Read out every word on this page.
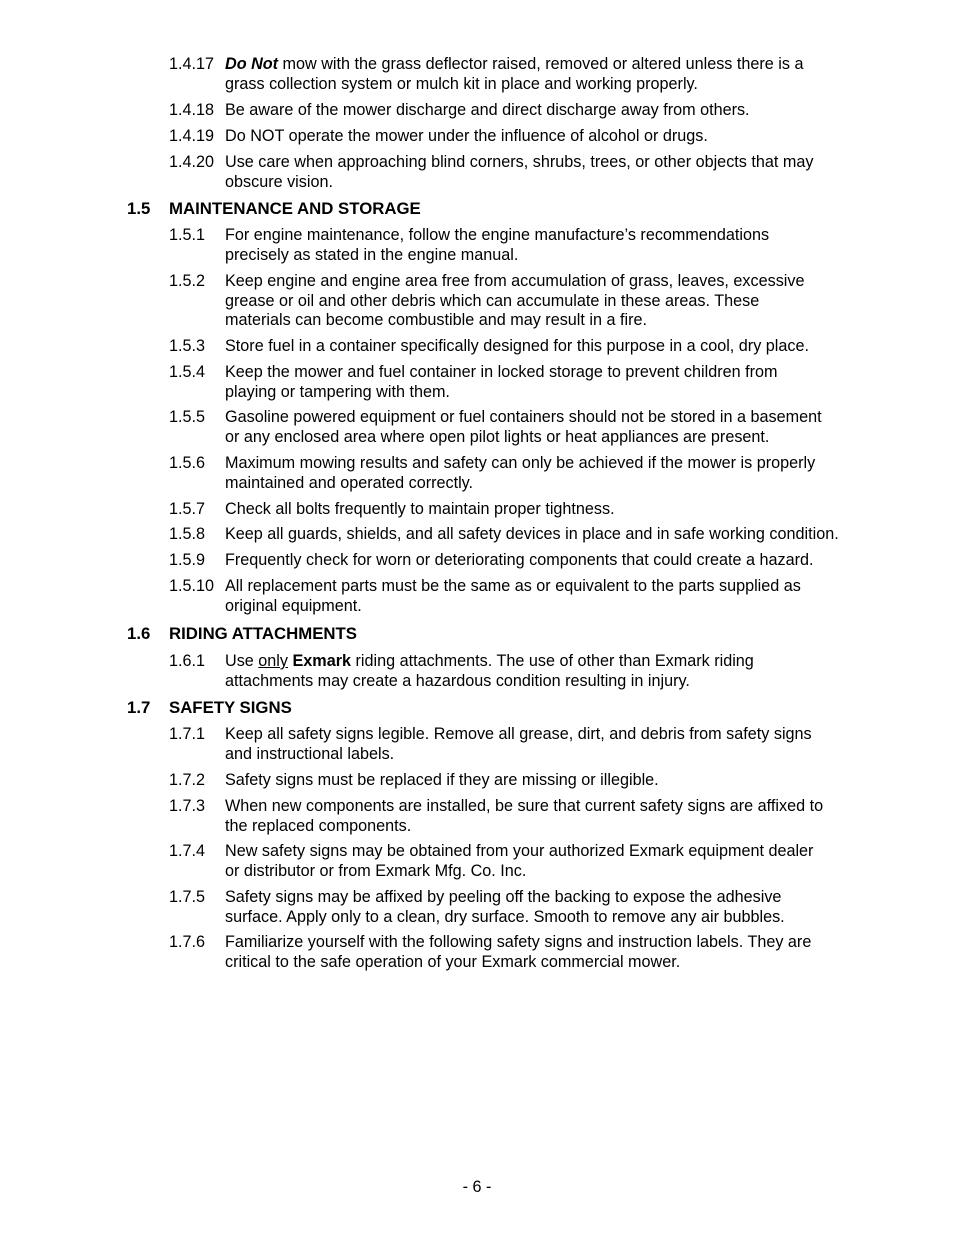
1.4.17 Do Not mow with the grass deflector raised, removed or altered unless there is a
grass collection system or mulch kit in place and working properly.
1.4.18 Be aware of the mower discharge and direct discharge away from others.
1.4.19 Do NOT operate the mower under the influence of alcohol or drugs.
1.4.20 Use care when approaching blind corners, shrubs, trees, or other objects that may
obscure vision.
1.5 MAINTENANCE AND STORAGE
1.5.1 For engine maintenance, follow the engine manufacture’s recommendations
precisely as stated in the engine manual.
1.5.2 Keep engine and engine area free from accumulation of grass, leaves, excessive
grease or oil and other debris which can accumulate in these areas. These
materials can become combustible and may result in a fire.
1.5.3 Store fuel in a container specifically designed for this purpose in a cool, dry place.
1.5.4 Keep the mower and fuel container in locked storage to prevent children from
playing or tampering with them.
1.5.5 Gasoline powered equipment or fuel containers should not be stored in a basement
or any enclosed area where open pilot lights or heat appliances are present.
1.5.6 Maximum mowing results and safety can only be achieved if the mower is properly
maintained and operated correctly.
1.5.7 Check all bolts frequently to maintain proper tightness.
1.5.8 Keep all guards, shields, and all safety devices in place and in safe working condition.
1.5.9 Frequently check for worn or deteriorating components that could create a hazard.
1.5.10 All replacement parts must be the same as or equivalent to the parts supplied as
original equipment.
1.6 RIDING ATTACHMENTS
1.6.1 Use only Exmark riding attachments. The use of other than Exmark riding
attachments may create a hazardous condition resulting in injury.
1.7 SAFETY SIGNS
1.7.1 Keep all safety signs legible. Remove all grease, dirt, and debris from safety signs
and instructional labels.
1.7.2 Safety signs must be replaced if they are missing or illegible.
1.7.3 When new components are installed, be sure that current safety signs are affixed to
the replaced components.
1.7.4 New safety signs may be obtained from your authorized Exmark equipment dealer
or distributor or from Exmark Mfg. Co. Inc.
1.7.5 Safety signs may be affixed by peeling off the backing to expose the adhesive
surface. Apply only to a clean, dry surface. Smooth to remove any air bubbles.
1.7.6 Familiarize yourself with the following safety signs and instruction labels. They are
critical to the safe operation of your Exmark commercial mower.
- 6 -
